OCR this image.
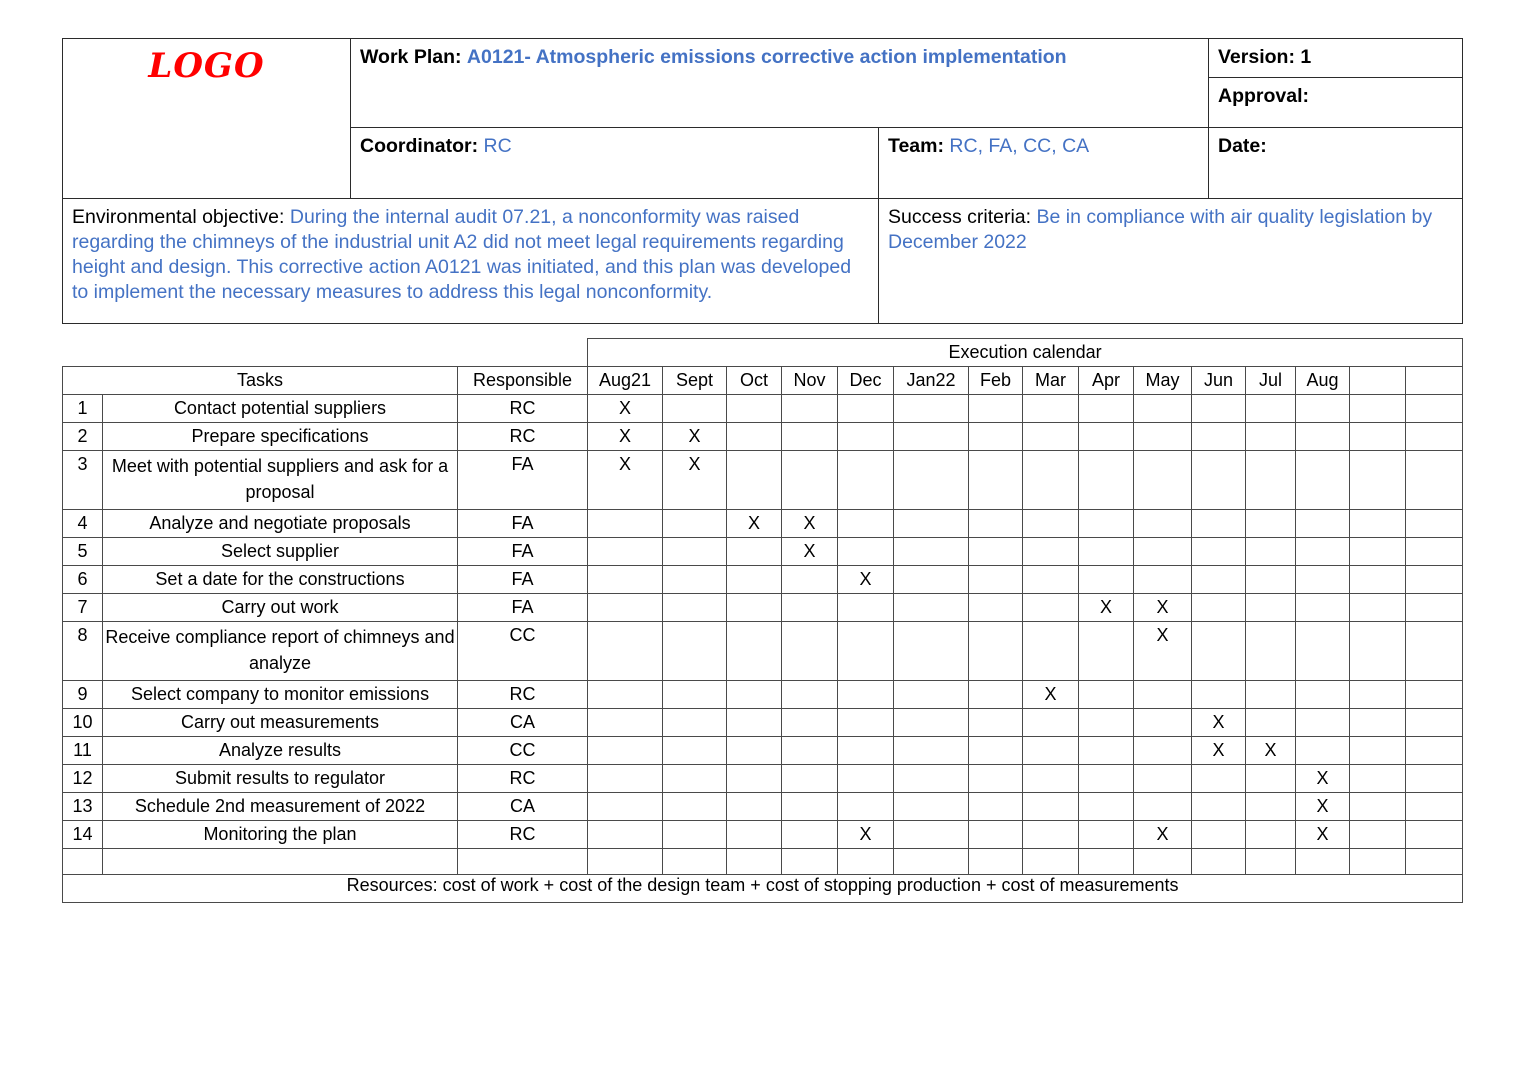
LOGO	Work Plan: A0121- Atmospheric emissions corrective action implementation		Version: 1
Approval:

	Coordinator: RC	Team: RC, FA, CC, CA	Date:
Environmental objective: During the internal audit 07.21, a nonconformity was raised regarding the chimneys of the industrial unit A2 did not meet legal requirements regarding height and design. This corrective action A0121 was initiated, and this plan was developed to implement the necessary measures to address this legal nonconformity.		Success criteria: Be in compliance with air quality legislation by December 2022	
			Execution calendar														
Tasks		Responsible	Aug21	Sept	Oct	Nov	Dec	Jan22	Feb	Mar	Apr	May	Jun	Jul	Aug		
1	Contact potential suppliers	RC	X														
2	Prepare specifications	RC	X	X													
3	Meet with potential suppliers and ask for a proposal	FA	X	X													
4	Analyze and negotiate proposals	FA			X	X											
5	Select supplier	FA				X											
6	Set a date for the constructions	FA					X										
7	Carry out work	FA									X	X					
8	Receive compliance report of chimneys and analyze	CC										X					
9	Select company to monitor emissions	RC								X							
10	Carry out measurements	CA											X				
11	Analyze results	CC											X	X			
12	Submit results to regulator	RC													X		
13	Schedule 2nd measurement of 2022	CA													X		
14	Monitoring the plan	RC					X					X			X		

Resources: cost of work + cost of the design team + cost of stopping production + cost of measurements																	
